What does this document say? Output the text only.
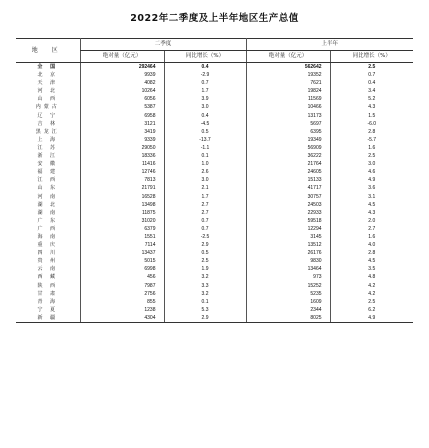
2022年二季度及上半年地区生产总值
地 区	二季度		上半年	
	绝对量（亿元）	同比增长（%）	绝对量（亿元）	同比增长（%）
全 国	292464	0.4	562642	2.5
北 京	9939	-2.9	19352	0.7
天 津	4082	0.7	7621	0.4
河 北	10264	1.7	19824	3.4
山 西	6056	3.9	11569	5.2
内蒙古	5387	3.0	10466	4.3
辽 宁	6958	0.4	13173	1.5
吉 林	3121	-4.5	5697	-6.0
黑龙江	3419	0.5	6395	2.8
上 海	9339	-13.7	19349	-5.7
江 苏	29050	-1.1	56909	1.6
浙 江	18336	0.1	36222	2.5
安 徽	11416	1.0	21764	3.0
福 建	12746	2.6	24605	4.6
江 西	7813	3.0	15133	4.9
山 东	21791	2.1	41717	3.6
河 南	16528	1.7	30757	3.1
湖 北	13498	2.7	24503	4.5
湖 南	11875	2.7	22933	4.3
广 东	31020	0.7	59518	2.0
广 西	6379	0.7	12294	2.7
海 南	1551	-2.5	3145	1.6
重 庆	7114	2.9	13512	4.0
四 川	13437	0.5	26176	2.8
贵 州	5015	2.5	9830	4.5
云 南	6998	1.9	13464	3.5
西 藏	456	3.2	973	4.8
陕 西	7987	3.3	15252	4.2
甘 肃	2756	3.2	5235	4.2
青 海	855	0.1	1609	2.5
宁 夏	1238	5.3	2344	6.2
新 疆	4304	2.9	8025	4.9
